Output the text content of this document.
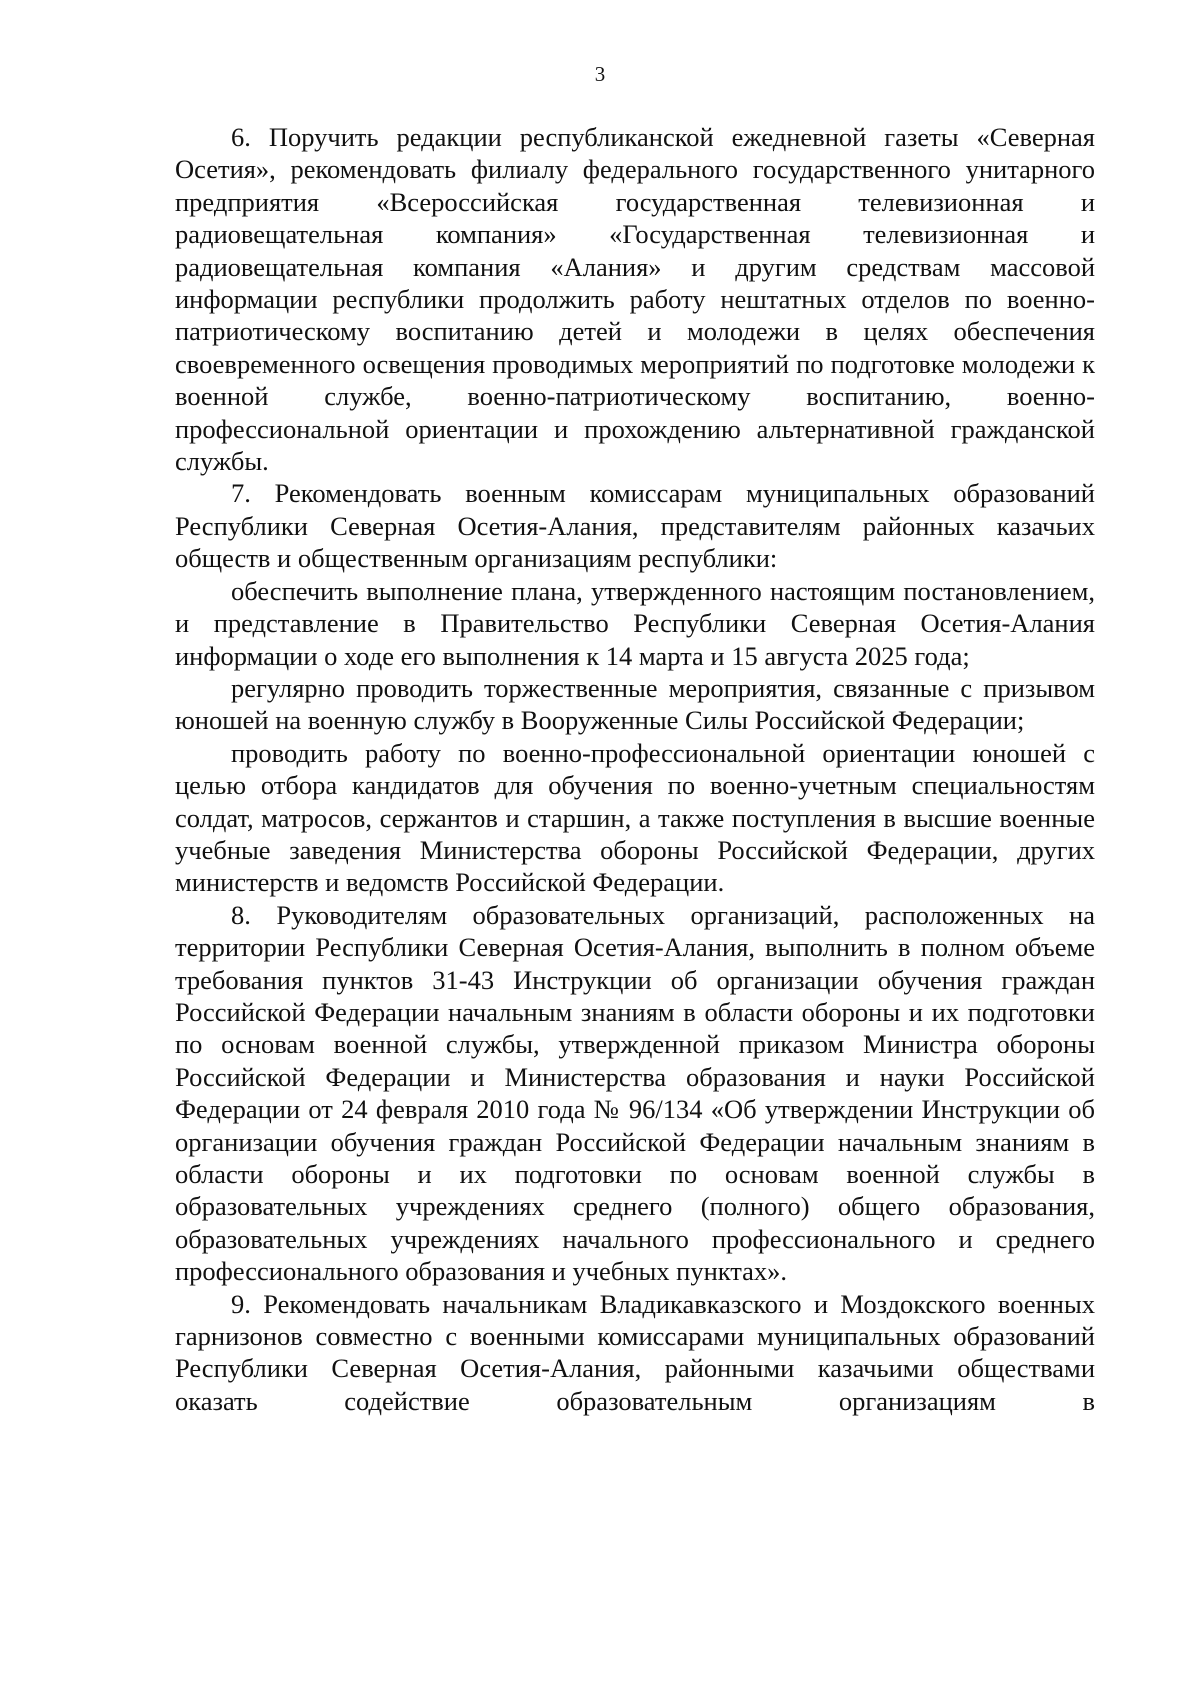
3

6. Поручить редакции республиканской ежедневной газеты «Северная Осетия», рекомендовать филиалу федерального государственного унитарного предприятия «Всероссийская государственная телевизионная и радиовещательная компания» «Государственная телевизионная и радиовещательная компания «Алания» и другим средствам массовой информации республики продолжить работу нештатных отделов по военно-патриотическому воспитанию детей и молодежи в целях обеспечения своевременного освещения проводимых мероприятий по подготовке молодежи к военной службе, военно-патриотическому воспитанию, военно-профессиональной ориентации и прохождению альтернативной гражданской службы.

7. Рекомендовать военным комиссарам муниципальных образований Республики Северная Осетия-Алания, представителям районных казачьих обществ и общественным организациям республики:

обеспечить выполнение плана, утвержденного настоящим постановлением, и представление в Правительство Республики Северная Осетия-Алания информации о ходе его выполнения к 14 марта и 15 августа 2025 года;

регулярно проводить торжественные мероприятия, связанные с призывом юношей на военную службу в Вооруженные Силы Российской Федерации;

проводить работу по военно-профессиональной ориентации юношей с целью отбора кандидатов для обучения по военно-учетным специальностям солдат, матросов, сержантов и старшин, а также поступления в высшие военные учебные заведения Министерства обороны Российской Федерации, других министерств и ведомств Российской Федерации.

8. Руководителям образовательных организаций, расположенных на территории Республики Северная Осетия-Алания, выполнить в полном объеме требования пунктов 31-43 Инструкции об организации обучения граждан Российской Федерации начальным знаниям в области обороны и их подготовки по основам военной службы, утвержденной приказом Министра обороны Российской Федерации и Министерства образования и науки Российской Федерации от 24 февраля 2010 года № 96/134 «Об утверждении Инструкции об организации обучения граждан Российской Федерации начальным знаниям в области обороны и их подготовки по основам военной службы в образовательных учреждениях среднего (полного) общего образования, образовательных учреждениях начального профессионального и среднего профессионального образования и учебных пунктах».

9. Рекомендовать начальникам Владикавказского и Моздокского военных гарнизонов совместно с военными комиссарами муниципальных образований Республики Северная Осетия-Алания, районными казачьими обществами оказать содействие образовательным организациям в
